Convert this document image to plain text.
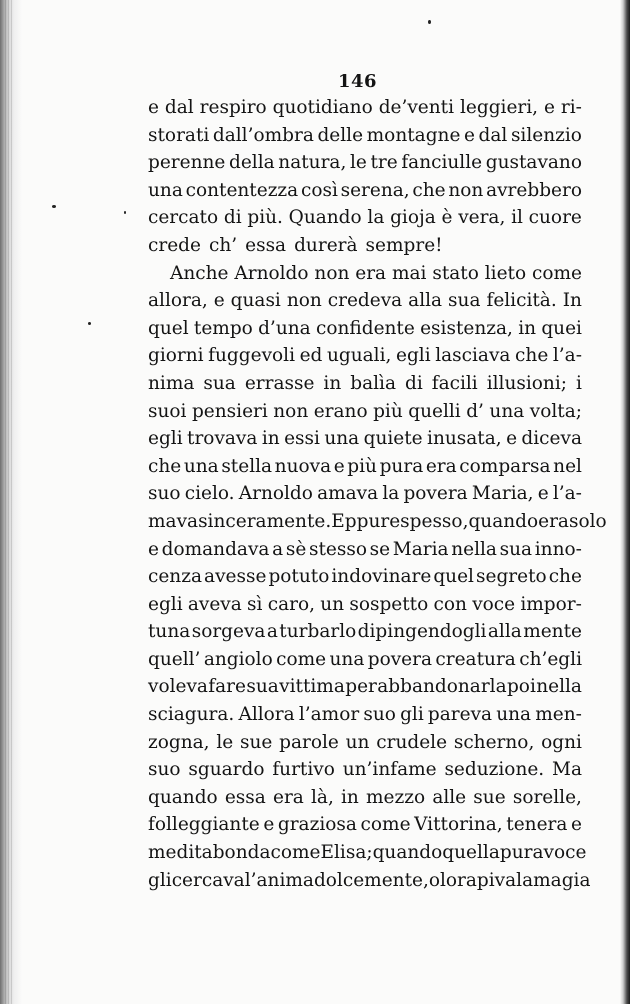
146
e dal respiro quotidiano de’venti leggieri, e ri-
storati dall’ombra delle montagne e dal silenzio
perenne della natura, le tre fanciulle gustavano
una contentezza così serena, che non avrebbero
cercato di più. Quando la gioja è vera, il cuore
crede ch’ essa durerà sempre!
Anche Arnoldo non era mai stato lieto come
allora, e quasi non credeva alla sua felicità. In
quel tempo d’una confidente esistenza, in quei
giorni fuggevoli ed uguali, egli lasciava che l’a-
nima sua errasse in balìa di facili illusioni; i
suoi pensieri non erano più quelli d’ una volta;
egli trovava in essi una quiete inusata, e diceva
che una stella nuova e più pura era comparsa nel
suo cielo. Arnoldo amava la povera Maria, e l’a-
mava sinceramente. Eppure spesso, quando era solo
e domandava a sè stesso se Maria nella sua inno-
cenza avesse potuto indovinare quel segreto che
egli aveva sì caro, un sospetto con voce impor-
tuna sorgeva a turbarlo dipingendogli alla mente
quell’ angiolo come una povera creatura ch’egli
voleva fare sua vittima per abbandonarla poi nella
sciagura. Allora l’amor suo gli pareva una men-
zogna, le sue parole un crudele scherno, ogni
suo sguardo furtivo un’infame seduzione. Ma
quando essa era là, in mezzo alle sue sorelle,
folleggiante e graziosa come Vittorina, tenera e
meditabonda come Elisa; quando quella pura voce
gli cercava l’anima dolcemente, o lo rapiva la magia
